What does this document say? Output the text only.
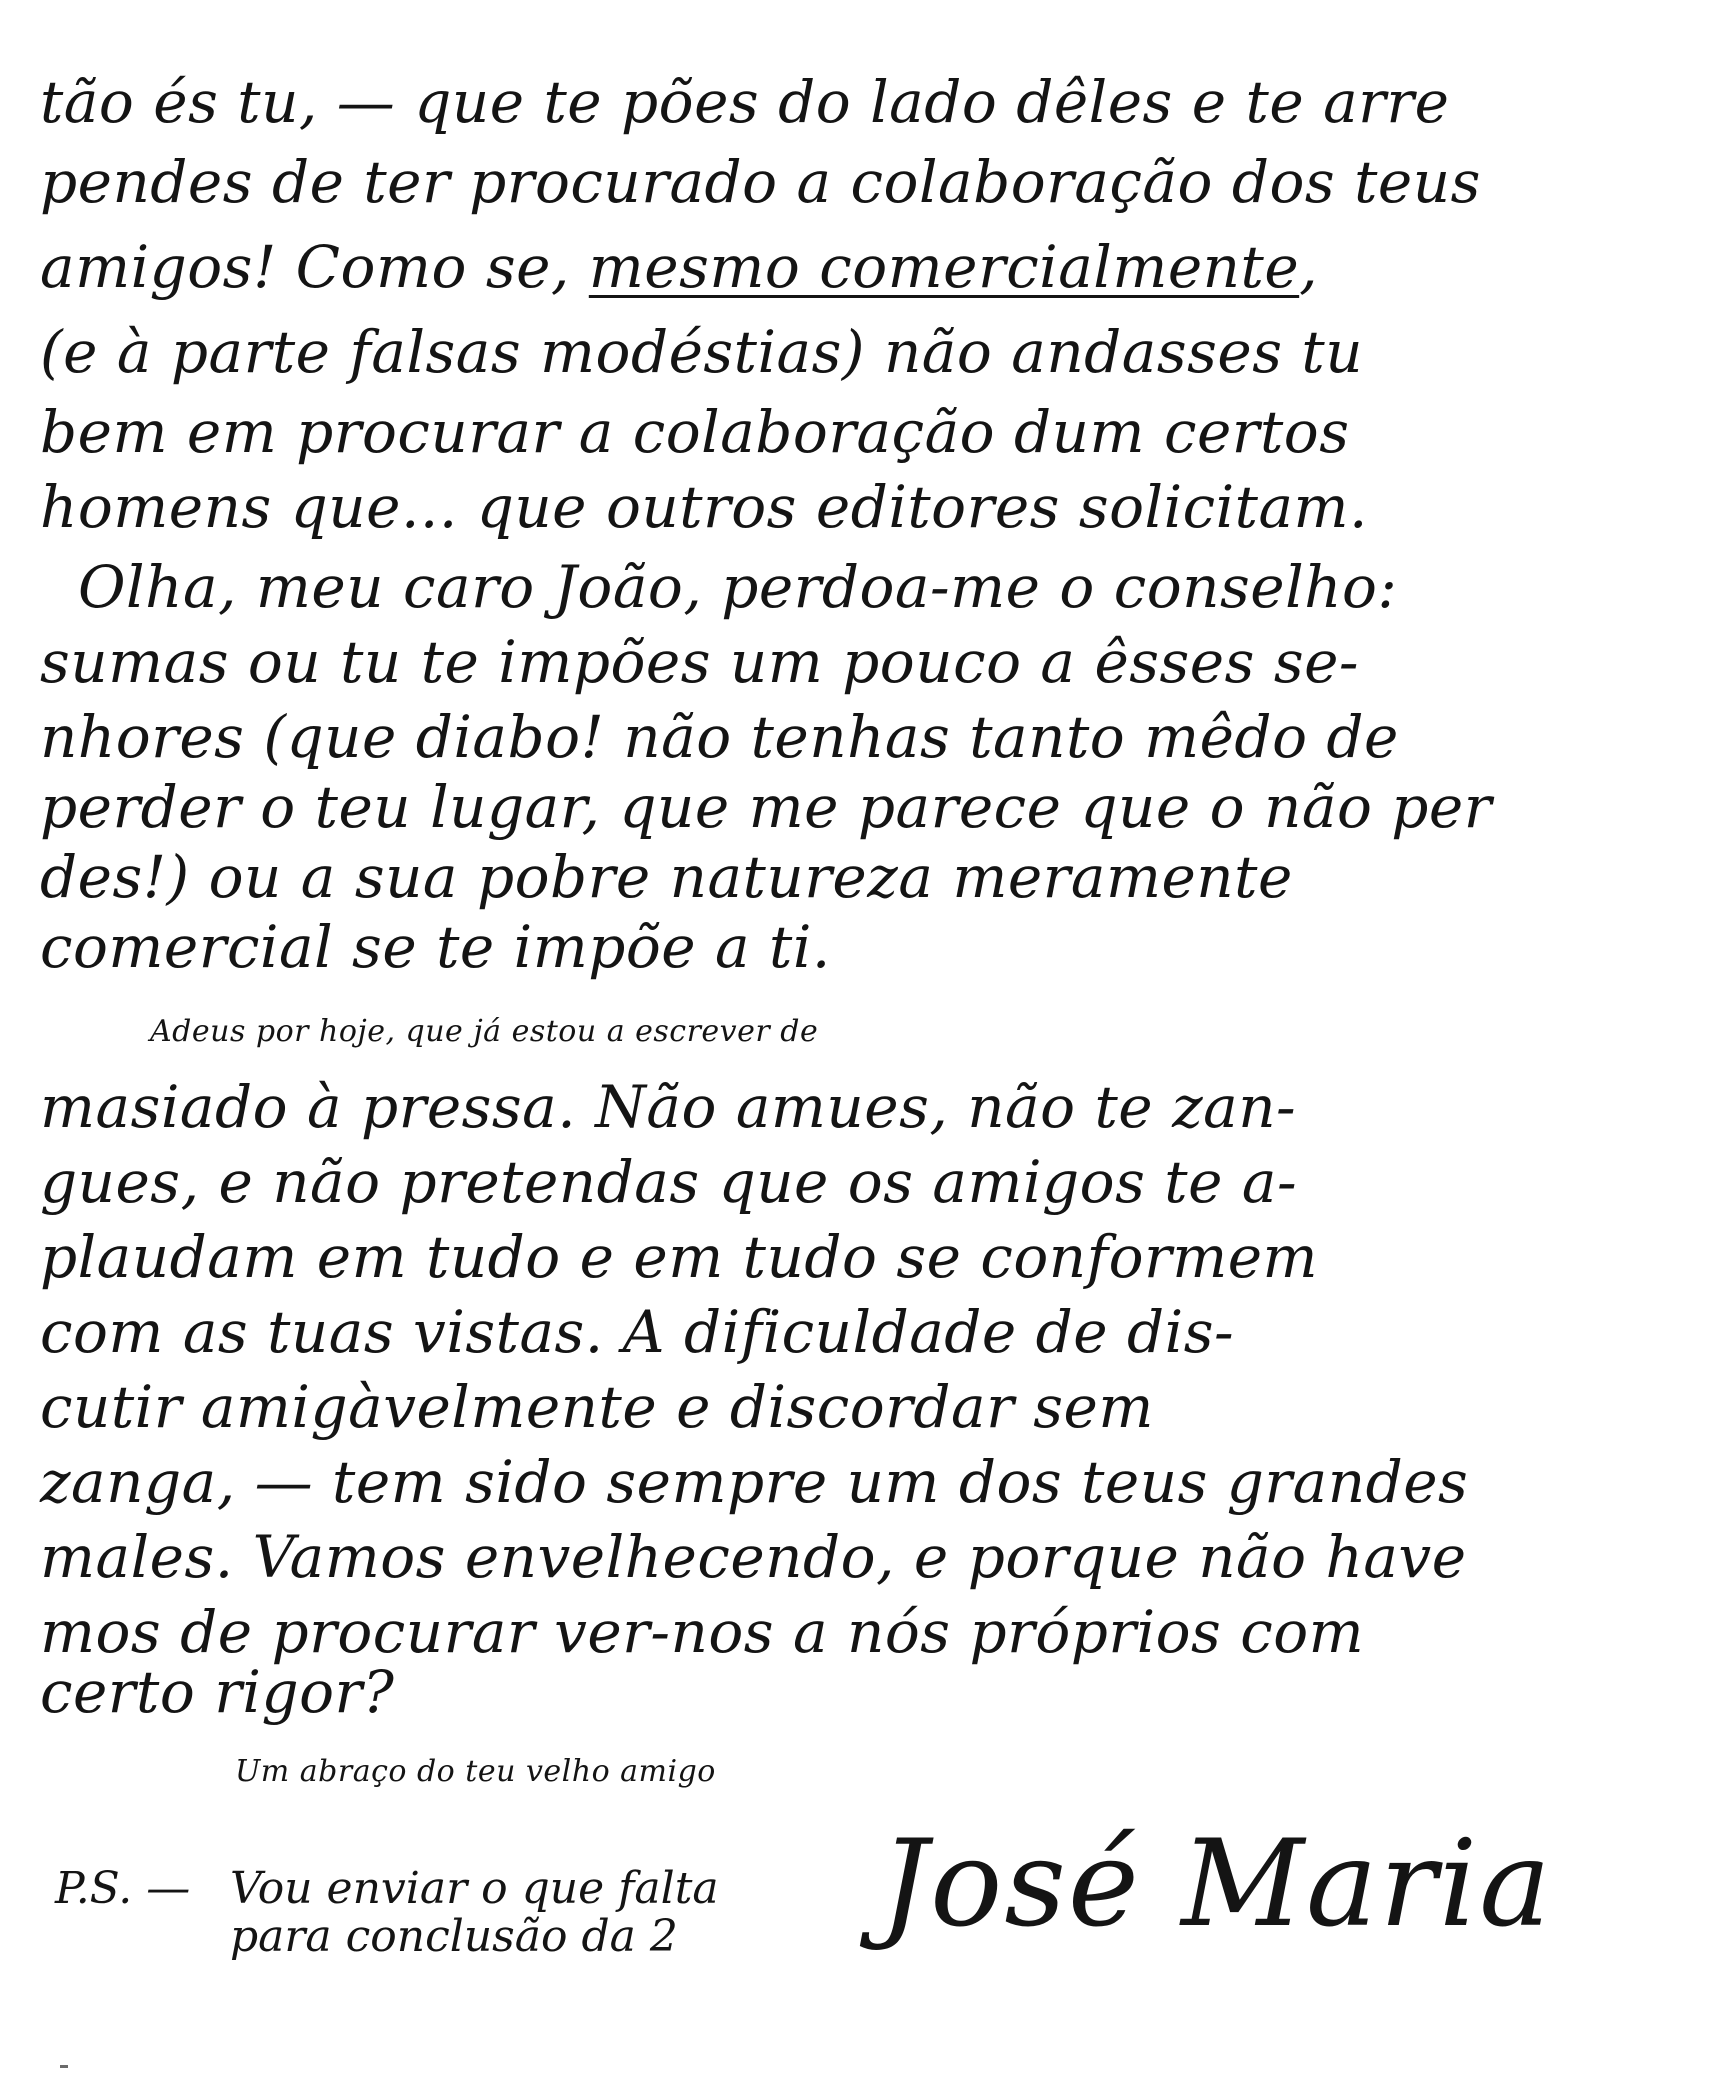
tão és tu, — que te pões do lado dêles e te arre
pendes de ter procurado a colaboração dos teus
amigos! Como se, mesmo comercialmente,
(e à parte falsas modéstias) não andasses tu
bem em procurar a colaboração dum certos
homens que... que outros editores solicitam.
Olha, meu caro João, perdoa-me o conselho:
sumas ou tu te impões um pouco a êsses se-
nhores (que diabo! não tenhas tanto mêdo de
perder o teu lugar, que me parece que o não per
des!) ou a sua pobre natureza meramente
comercial se te impõe a ti.
Adeus por hoje, que já estou a escrever de
masiado à pressa. Não amues, não te zan-
gues, e não pretendas que os amigos te a-
plaudam em tudo e em tudo se conformem
com as tuas vistas. A dificuldade de dis-
cutir amigàvelmente e discordar sem
zanga, — tem sido sempre um dos teus grandes
males. Vamos envelhecendo, e porque não have
mos de procurar ver-nos a nós próprios com
certo rigor?
Um abraço do teu velho amigo
P.S. — Vou enviar o que falta
para conclusão da 2	José Maria
